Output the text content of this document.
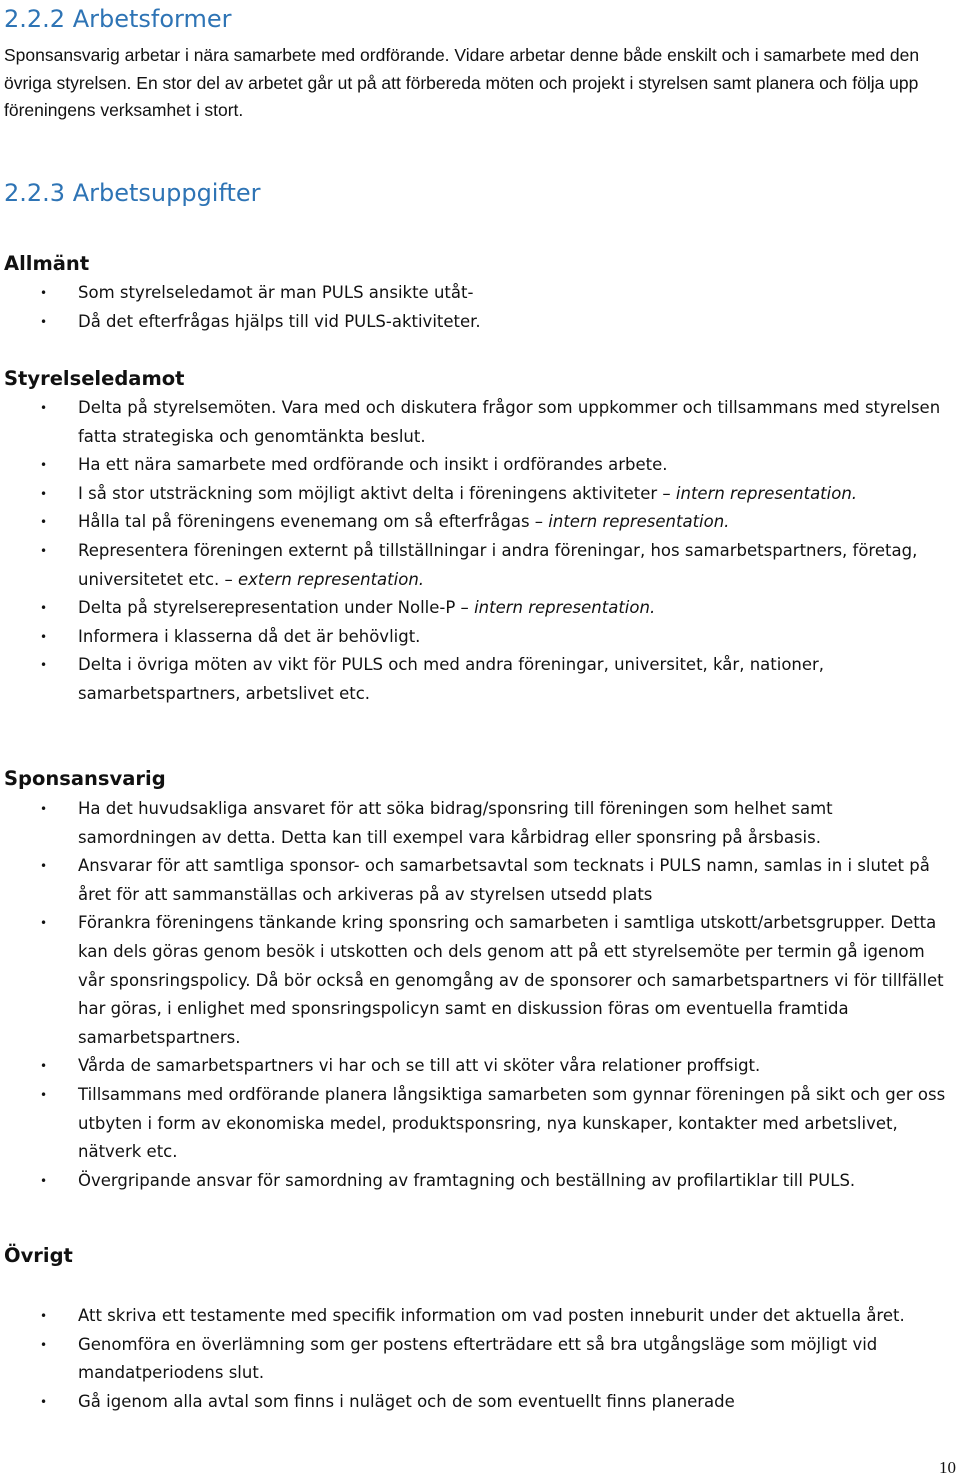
2.2.2 Arbetsformer

Sponsansvarig arbetar i nära samarbete med ordförande. Vidare arbetar denne både enskilt och i samarbete med den övriga styrelsen. En stor del av arbetet går ut på att förbereda möten och projekt i styrelsen samt planera och följa upp föreningens verksamhet i stort.

2.2.3 Arbetsuppgifter
Allmänt
• Som styrelseledamot är man PULS ansikte utåt-
• Då det efterfrågas hjälps till vid PULS-aktiviteter.
Styrelseledamot
• Delta på styrelsemöten. Vara med och diskutera frågor som uppkommer och tillsammans med styrelsen fatta strategiska och genomtänkta beslut.
• Ha ett nära samarbete med ordförande och insikt i ordförandes arbete.
• I så stor utsträckning som möjligt aktivt delta i föreningens aktiviteter – intern representation.
• Hålla tal på föreningens evenemang om så efterfrågas – intern representation.
• Representera föreningen externt på tillställningar i andra föreningar, hos samarbetspartners, företag, universitetet etc. – extern representation.
• Delta på styrelserepresentation under Nolle-P – intern representation.
• Informera i klasserna då det är behövligt.
• Delta i övriga möten av vikt för PULS och med andra föreningar, universitet, kår, nationer, samarbetspartners, arbetslivet etc.
Sponsansvarig
• Ha det huvudsakliga ansvaret för att söka bidrag/sponsring till föreningen som helhet samt samordningen av detta. Detta kan till exempel vara kårbidrag eller sponsring på årsbasis.
• Ansvarar för att samtliga sponsor- och samarbetsavtal som tecknats i PULS namn, samlas in i slutet på året för att sammanställas och arkiveras på av styrelsen utsedd plats
• Förankra föreningens tänkande kring sponsring och samarbeten i samtliga utskott/arbetsgrupper. Detta kan dels göras genom besök i utskotten och dels genom att på ett styrelsemöte per termin gå igenom vår sponsringspolicy. Då bör också en genomgång av de sponsorer och samarbetspartners vi för tillfället har göras, i enlighet med sponsringspolicyn samt en diskussion föras om eventuella framtida samarbetspartners.
• Vårda de samarbetspartners vi har och se till att vi sköter våra relationer proffsigt.
• Tillsammans med ordförande planera långsiktiga samarbeten som gynnar föreningen på sikt och ger oss utbyten i form av ekonomiska medel, produktsponsring, nya kunskaper, kontakter med arbetslivet, nätverk etc.
• Övergripande ansvar för samordning av framtagning och beställning av profilartiklar till PULS.
Övrigt
• Att skriva ett testamente med specifik information om vad posten inneburit under det aktuella året.
• Genomföra en överlämning som ger postens efterträdare ett så bra utgångsläge som möjligt vid mandatperiodens slut.
• Gå igenom alla avtal som finns i nuläget och de som eventuellt finns planerade

10
